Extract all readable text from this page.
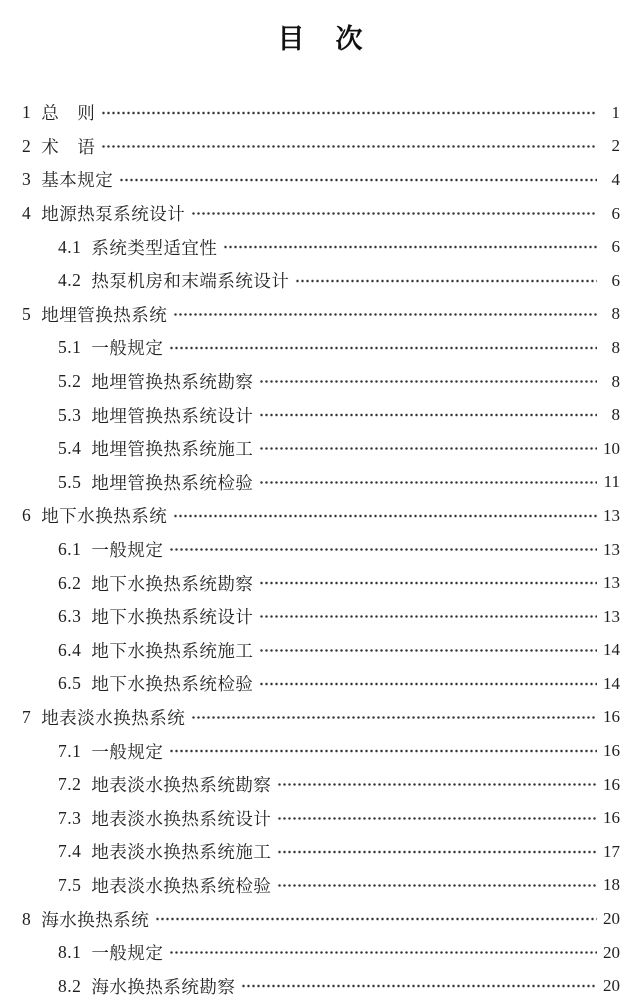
目　次
1 总　则	1
2 术　语	2
3 基本规定	4
4 地源热泵系统设计	6
4.1 系统类型适宜性	6
4.2 热泵机房和末端系统设计	6
5 地埋管换热系统	8
5.1 一般规定	8
5.2 地埋管换热系统勘察	8
5.3 地埋管换热系统设计	8
5.4 地埋管换热系统施工	10
5.5 地埋管换热系统检验	11
6 地下水换热系统	13
6.1 一般规定	13
6.2 地下水换热系统勘察	13
6.3 地下水换热系统设计	13
6.4 地下水换热系统施工	14
6.5 地下水换热系统检验	14
7 地表淡水换热系统	16
7.1 一般规定	16
7.2 地表淡水换热系统勘察	16
7.3 地表淡水换热系统设计	16
7.4 地表淡水换热系统施工	17
7.5 地表淡水换热系统检验	18
8 海水换热系统	20
8.1 一般规定	20
8.2 海水换热系统勘察	20
